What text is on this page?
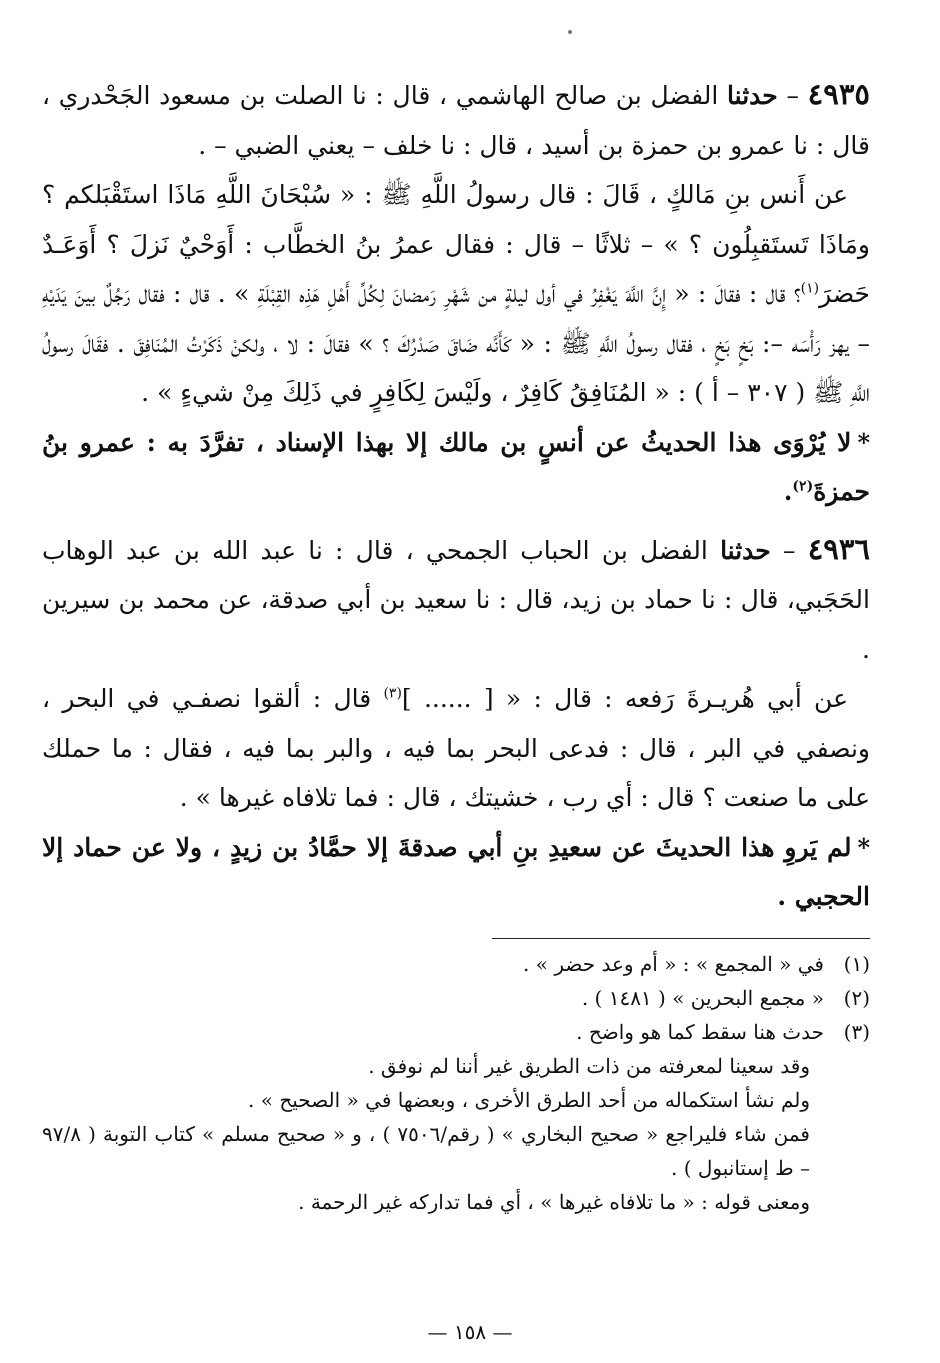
٤٩٣٥ – حدثنا الفضل بن صالح الهاشمي ، قال : نا الصلت بن مسعود الجَحْدري ، قال : نا عمرو بن حمزة بن أسيد ، قال : نا خلف – يعني الضبي – .

عن أَنس بنِ مَالكٍ ، قَالَ : قال رسولُ اللَّهِ ﷺ : « سُبْحَانَ اللَّهِ مَاذَا استَقْبَلكم ؟ ومَاذَا تَستَقبِلُون ؟ » – ثلاثًا – قال : فقال عمرُ بنُ الخطَّاب : أَوَحْيٌ نَزلَ ؟ أَوَعَـدٌ حَضرَ$^{(١)}$؟ قال : فقالَ : « إِنَّ اللَّهَ يَغْفِرُ في أول ليلةٍ من شَهْرِ رَمضانَ لِكُلِّ أَهْلِ هَذِه القِبْلَةِ » . قال : فقال رَجُلٌ بينَ يَدَيْهِ – يهز رَأْسَه –: بَخٍ بَخٍ ، فقال رسولُ اللَّهِ ﷺ : « كَأَنَّه ضَاقَ صَدْرُكَ ؟ » فقالَ : لا ، ولكنْ ذَكَرْتُ المُنَافِقَ . فقَالَ رسولُ اللَّهِ ﷺ ( ٣٠٧ – أ ) : « المُنَافِقُ كَافِرٌ ، ولَيْسَ لِكَافِرٍ في ذَلِكَ مِنْ شيءٍ » .

*لا يُرْوَى هذا الحديثُ عن أنسٍ بن مالك إلا بهذا الإسناد ، تفرَّدَ به : عمرو بنُ حمزةَ$^{(٢)}$.

٤٩٣٦ – حدثنا الفضل بن الحباب الجمحي ، قال : نا عبد الله بن عبد الوهاب الحَجَبي، قال : نا حماد بن زيد، قال : نا سعيد بن أبي صدقة، عن محمد بن سيرين .

عن أبي هُريـرةَ رَفعه : قال : « [ ...... ]$^{(٣)}$ قال : ألقوا نصفـي في البحر ، ونصفي في البر ، قال : فدعى البحر بما فيه ، والبر بما فيه ، فقال : ما حملك على ما صنعت ؟ قال : أي رب ، خشيتك ، قال : فما تلافاه غيرها » .

*لم يَروِ هذا الحديثَ عن سعيدِ بنِ أبي صدقةَ إلا حمَّادُ بن زيدٍ ، ولا عن حماد إلا الحجبي .

(١)في « المجمع » : « أم وعد حضر » .

(٢)« مجمع البحرين » ( ١٤٨١ ) .

(٣)حدث هنا سقط كما هو واضح .

وقد سعينا لمعرفته من ذات الطريق غير أننا لم نوفق .

ولم نشأ استكماله من أحد الطرق الأخرى ، وبعضها في « الصحيح » .

فمن شاء فليراجع « صحيح البخاري » ( رقم/٧٥٠٦ ) ، و « صحيح مسلم » كتاب التوبة ( ٩٧/٨ – ط إستانبول ) .

ومعنى قوله : « ما تلافاه غيرها » ، أي فما تداركه غير الرحمة .

— ١٥٨ —
